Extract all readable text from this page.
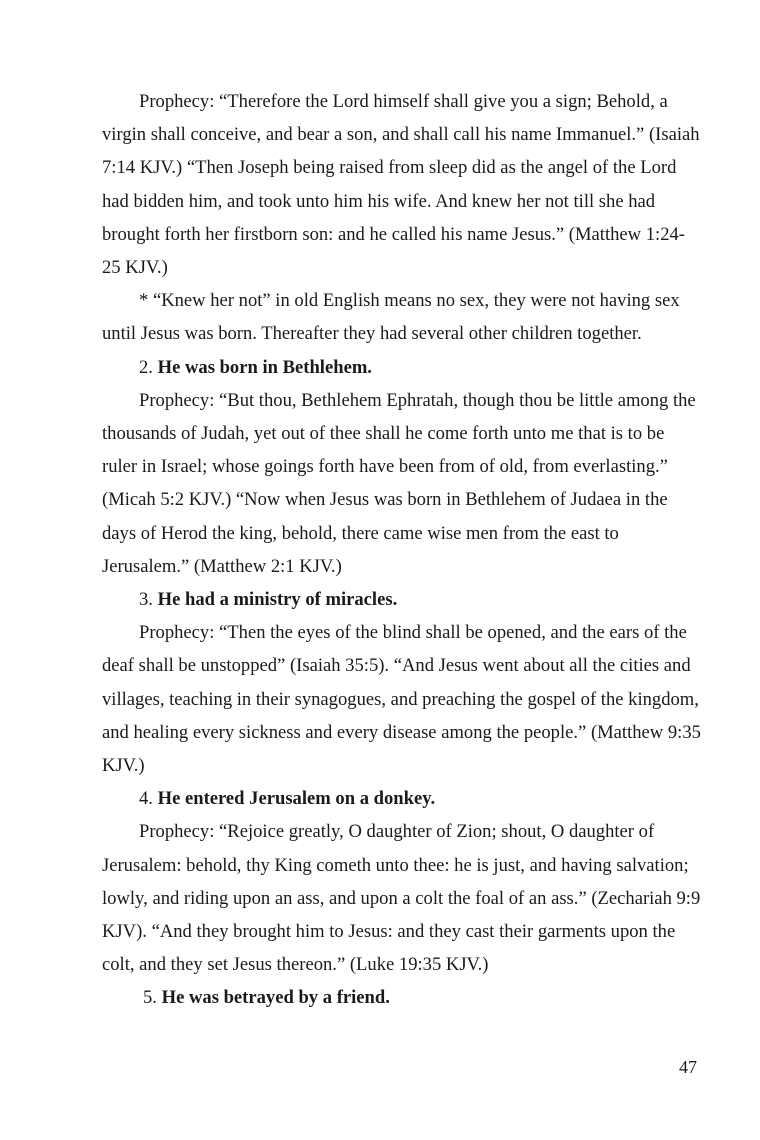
Prophecy: “Therefore the Lord himself shall give you a sign; Behold, a virgin shall conceive, and bear a son, and shall call his name Immanuel.” (Isaiah 7:14 KJV.) “Then Joseph being raised from sleep did as the angel of the Lord had bidden him, and took unto him his wife. And knew her not till she had brought forth her firstborn son: and he called his name Jesus.” (Matthew 1:24-25 KJV.)

* “Knew her not” in old English means no sex, they were not having sex until Jesus was born. Thereafter they had several other children together.

2. He was born in Bethlehem.

Prophecy: “But thou, Bethlehem Ephratah, though thou be little among the thousands of Judah, yet out of thee shall he come forth unto me that is to be ruler in Israel; whose goings forth have been from of old, from everlasting.” (Micah 5:2 KJV.) “Now when Jesus was born in Bethlehem of Judaea in the days of Herod the king, behold, there came wise men from the east to Jerusalem.” (Matthew 2:1 KJV.)

3. He had a ministry of miracles.

Prophecy: “Then the eyes of the blind shall be opened, and the ears of the deaf shall be unstopped” (Isaiah 35:5). “And Jesus went about all the cities and villages, teaching in their synagogues, and preaching the gospel of the kingdom, and healing every sickness and every disease among the people.” (Matthew 9:35 KJV.)

4. He entered Jerusalem on a donkey.

Prophecy: “Rejoice greatly, O daughter of Zion; shout, O daughter of Jerusalem: behold, thy King cometh unto thee: he is just, and having salvation; lowly, and riding upon an ass, and upon a colt the foal of an ass.” (Zechariah 9:9 KJV). “And they brought him to Jesus: and they cast their garments upon the colt, and they set Jesus thereon.” (Luke 19:35 KJV.)

5. He was betrayed by a friend.

47
